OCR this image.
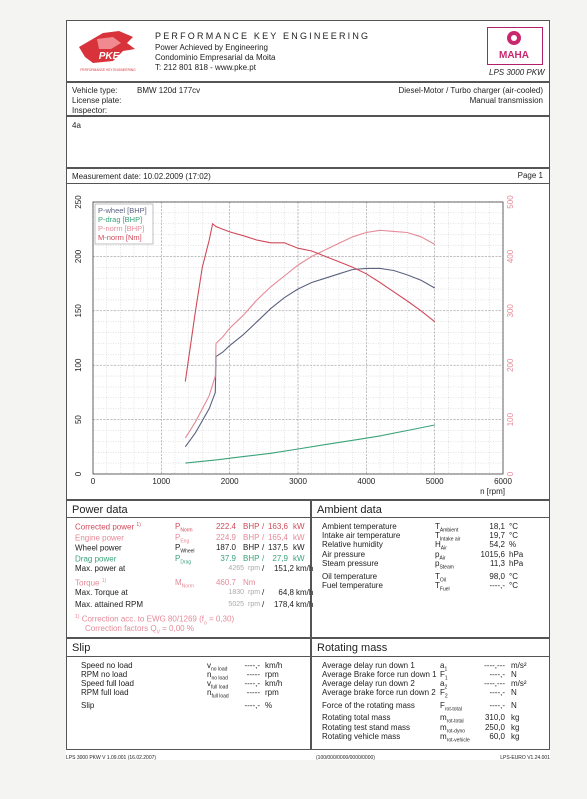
PKE
PERFORMANCE KEY ENGINEERING
PERFORMANCE KEY ENGINEERING
Power Achieved by Engineering
Condominio Empresarial da Moita
T: 212 801 818 - www.pke.pt
MAHA
LPS 3000 PKW
Vehicle type: BMW 120d 177cv
License plate:
Inspector:
Diesel-Motor / Turbo charger (air-cooled)
Manual transmission
4a
Measurement date: 10.02.2009 (17:02)	Page 1
0	1000	2000	3000	4000	5000	6000
n [rpm]
0
50
100
150
200
250
0
100
200
300
400
500
P-wheel [BHP]
P-drag [BHP]
P-norm [BHP]
M-norm [Nm]
Power data
Corrected power $^{1)}$	$P_{Norm}$	222.4 BHP / 163,6 kW
Engine power	$P_{Eng}$	224.9 BHP / 165,4 kW
Wheel power	$P_{Wheel}$	187.0 BHP / 137,5 kW
Drag power	$P_{Drag}$	37.9 BHP / 27,9 kW
Max. power at	4265 rpm / 151,2 km/h
Torque $^{1)}$	$M_{Norm}$	460.7 Nm
Max. Torque at	1830 rpm / 64,8 km/h
Max. attained RPM	5025 rpm / 178,4 km/h
$^{1)}$ Correction acc. to EWG 80/1269 $(f_o = 0,30)$
Correction factors $Q_V = 0,00$ %
Ambient data
Ambient temperature	$T_{Ambient}$	18,1 °C
Intake air temperature	$T_{Intake air}$	19,7 °C
Relative humidity	$H_{Air}$	54,2 %
Air pressure	$p_{Air}$	1015,6 hPa
Steam pressure	$p_{Steam}$	11,3 hPa
Oil temperature	$T_{Oil}$	98,0 °C
Fuel temperature	$T_{Fuel}$	----,- °C
Slip
Speed no load	$v_{no load}$ ----,- km/h
RPM no load	$n_{no load}$ ----- rpm
Speed full load	$v_{full load}$ ----,- km/h
RPM full load	$n_{full load}$ ----- rpm
Slip	----,- %
Rotating mass
Average delay run down 1	$a_1$	----,--- m/s²
Average Brake force run down 1 $F_1$	----,- N
Average delay run down 2	$a_2$	----,--- m/s²
Average brake force run down 2 $F_2$	----,- N
Force of the rotating mass	$F_{rot-total}$	----,- N
Rotating total mass	$m_{rot-total}$	310,0 kg
Rotating test stand mass	$m_{rot-dyno}$ 250,0 kg
Rotating vehicle mass	$m_{rot-vehicle}$ 60,0 kg
LPS 3000 PKW V 1.09.001 (16.02.2007)	(100/000/0000/0000/0000)	LPS-EURO V1.24.001
